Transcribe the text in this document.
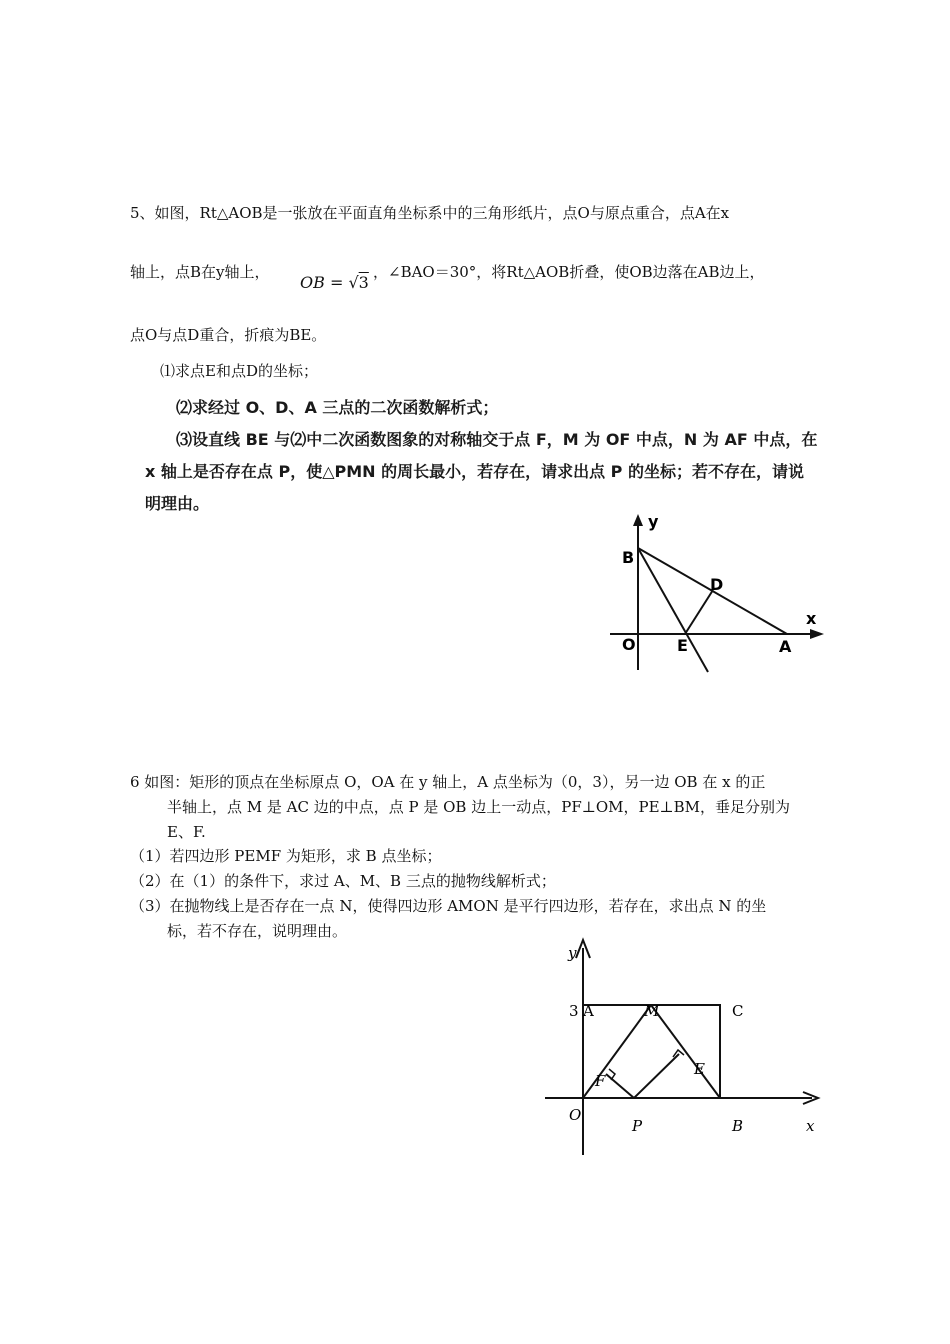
5、如图，Rt△AOB是一张放在平面直角坐标系中的三角形纸片，点O与原点重合，点A在x
轴上，点B在y轴上，
OB = √3
，∠BAO＝30°，将Rt△AOB折叠，使OB边落在AB边上，
点O与点D重合，折痕为BE。
⑴求点E和点D的坐标；
⑵求经过 O、D、A 三点的二次函数解析式；
⑶设直线 BE 与⑵中二次函数图象的对称轴交于点 F，M 为 OF 中点，N 为 AF 中点，在
x 轴上是否存在点 P，使△PMN 的周长最小，若存在，请求出点 P 的坐标；若不存在，请说
明理由。
y
B
D
x
O	E	A
6 如图：矩形的顶点在坐标原点 O，OA 在 y 轴上，A 点坐标为（0，3），另一边 OB 在 x 的正
半轴上，点 M 是 AC 边的中点，点 P 是 OB 边上一动点，PF⊥OM，PE⊥BM，垂足分别为
E、F.
（1）若四边形 PEMF 为矩形，求 B 点坐标；
（2）在（1）的条件下，求过 A、M、B 三点的抛物线解析式；
（3）在抛物线上是否存在一点 N，使得四边形 AMON 是平行四边形，若存在，求出点 N 的坐
标，若不存在，说明理由。
y
3 A	M	C
F
E
O
P	B	x
